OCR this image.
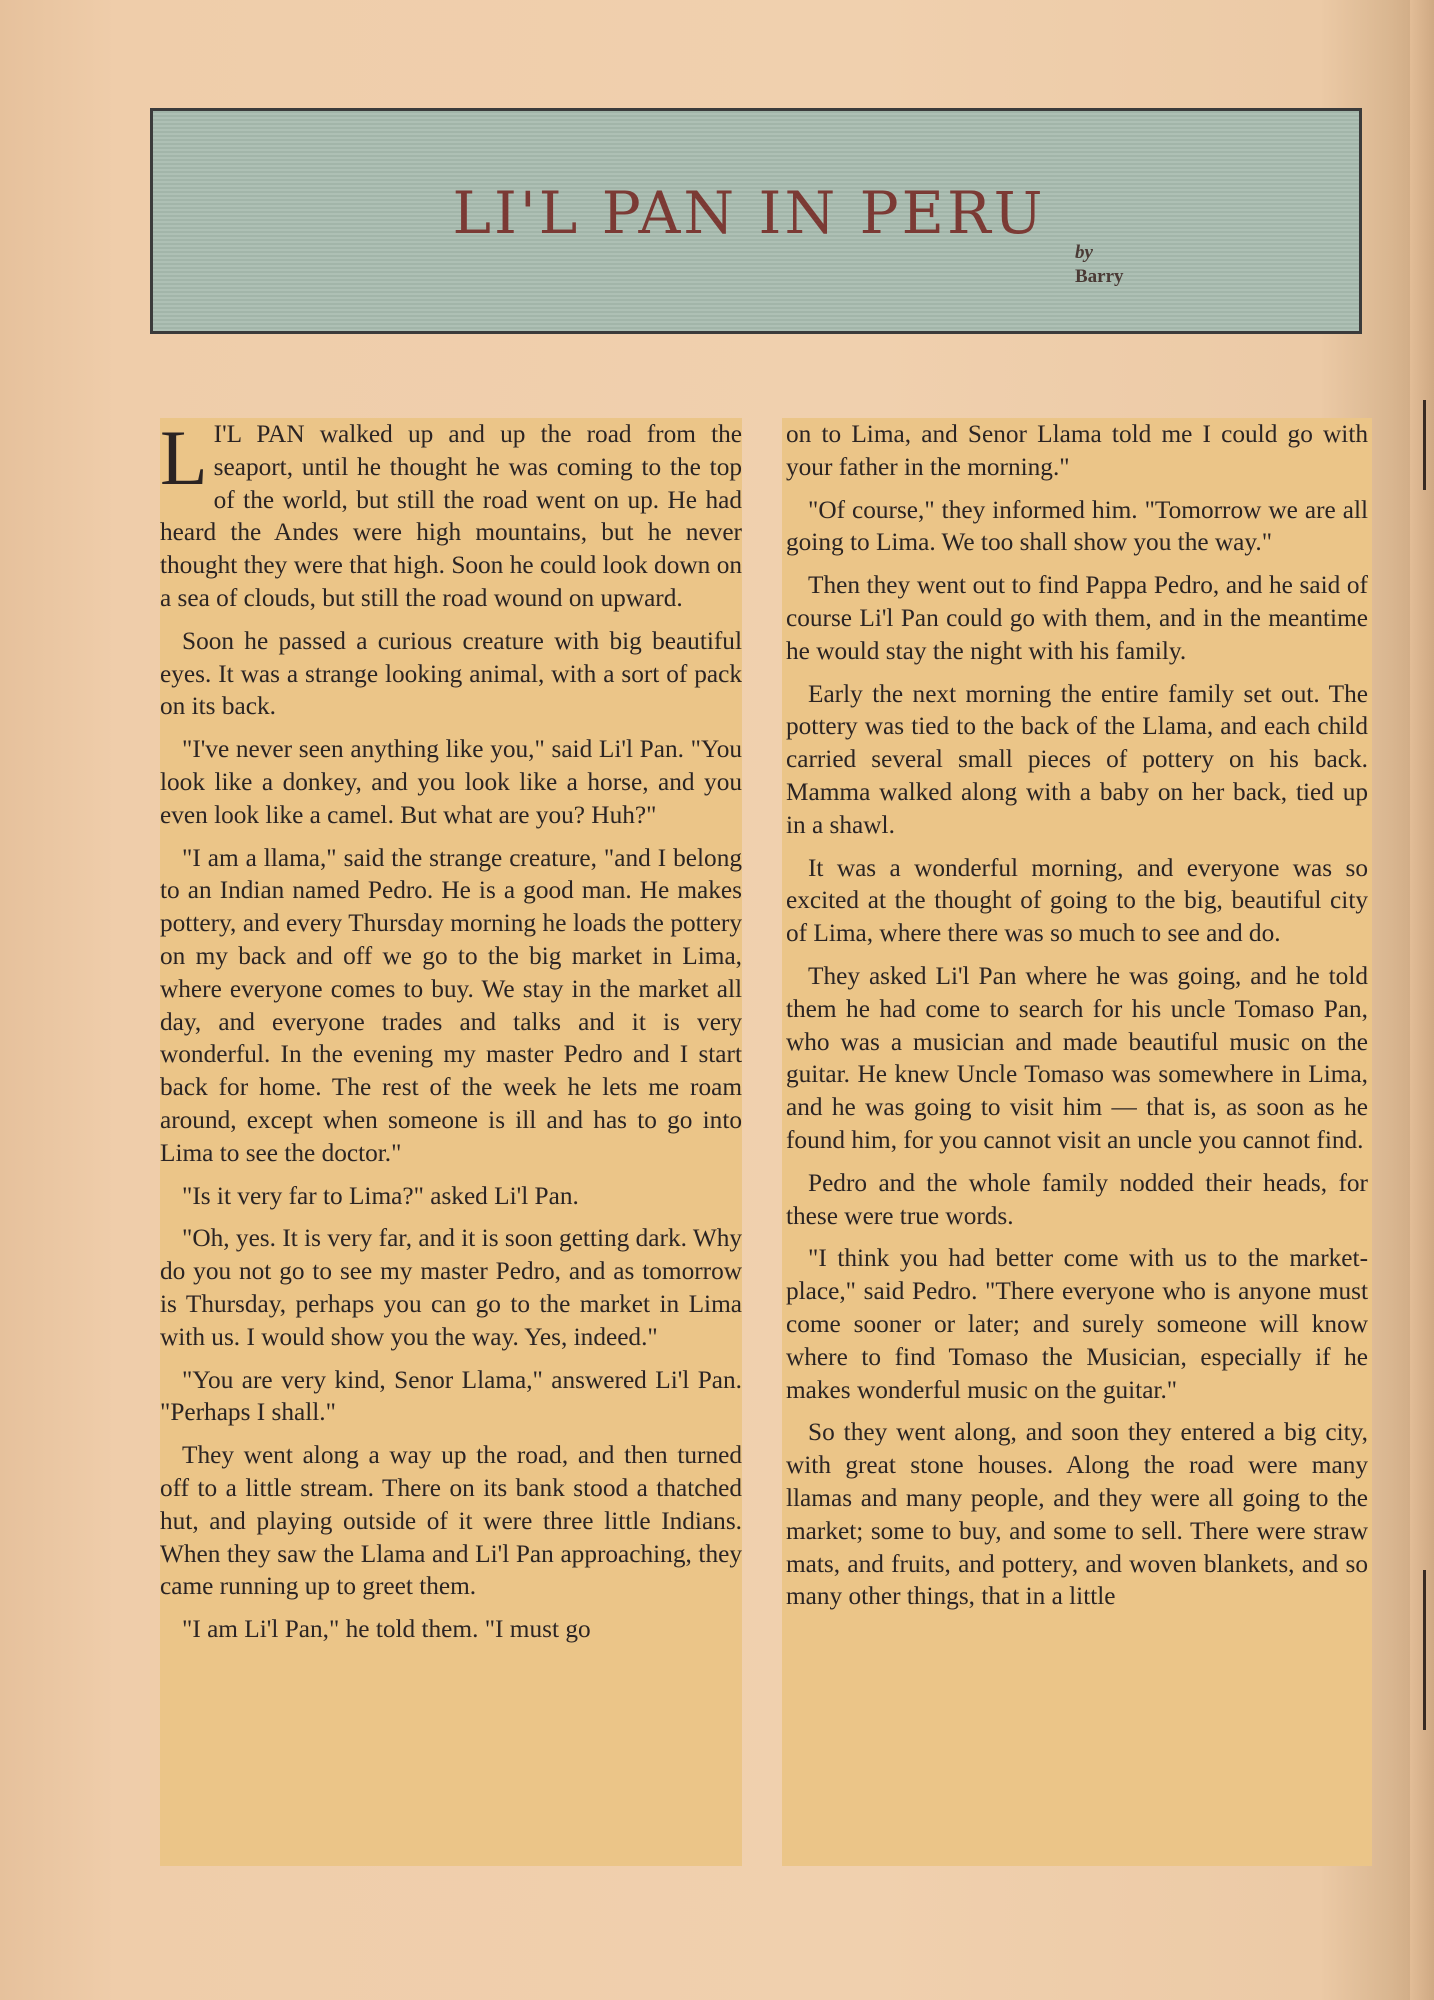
LI'L PAN IN PERU
by
Barry

L I'L PAN walked up and up the road from the seaport, until he thought he was coming to the top of the world, but still the road went on up. He had heard the Andes were high mountains, but he never thought they were that high. Soon he could look down on a sea of clouds, but still the road wound on upward.

Soon he passed a curious creature with big beautiful eyes. It was a strange looking animal, with a sort of pack on its back.

"I've never seen anything like you," said Li'l Pan. "You look like a donkey, and you look like a horse, and you even look like a camel. But what are you? Huh?"

"I am a llama," said the strange creature, "and I belong to an Indian named Pedro. He is a good man. He makes pottery, and every Thursday morning he loads the pottery on my back and off we go to the big market in Lima, where everyone comes to buy. We stay in the market all day, and everyone trades and talks and it is very wonderful. In the evening my master Pedro and I start back for home. The rest of the week he lets me roam around, except when someone is ill and has to go into Lima to see the doctor."

"Is it very far to Lima?" asked Li'l Pan.

"Oh, yes. It is very far, and it is soon getting dark. Why do you not go to see my master Pedro, and as tomorrow is Thursday, perhaps you can go to the market in Lima with us. I would show you the way. Yes, indeed."

"You are very kind, Senor Llama," answered Li'l Pan. "Perhaps I shall."

They went along a way up the road, and then turned off to a little stream. There on its bank stood a thatched hut, and playing outside of it were three little Indians. When they saw the Llama and Li'l Pan approaching, they came running up to greet them.

"I am Li'l Pan," he told them. "I must go

on to Lima, and Senor Llama told me I could go with your father in the morning."

"Of course," they informed him. "Tomorrow we are all going to Lima. We too shall show you the way."

Then they went out to find Pappa Pedro, and he said of course Li'l Pan could go with them, and in the meantime he would stay the night with his family.

Early the next morning the entire family set out. The pottery was tied to the back of the Llama, and each child carried several small pieces of pottery on his back. Mamma walked along with a baby on her back, tied up in a shawl.

It was a wonderful morning, and everyone was so excited at the thought of going to the big, beautiful city of Lima, where there was so much to see and do.

They asked Li'l Pan where he was going, and he told them he had come to search for his uncle Tomaso Pan, who was a musician and made beautiful music on the guitar. He knew Uncle Tomaso was somewhere in Lima, and he was going to visit him — that is, as soon as he found him, for you cannot visit an uncle you cannot find.

Pedro and the whole family nodded their heads, for these were true words.

"I think you had better come with us to the market-place," said Pedro. "There everyone who is anyone must come sooner or later; and surely someone will know where to find Tomaso the Musician, especially if he makes wonderful music on the guitar."

So they went along, and soon they entered a big city, with great stone houses. Along the road were many llamas and many people, and they were all going to the market; some to buy, and some to sell. There were straw mats, and fruits, and pottery, and woven blankets, and so many other things, that in a little
